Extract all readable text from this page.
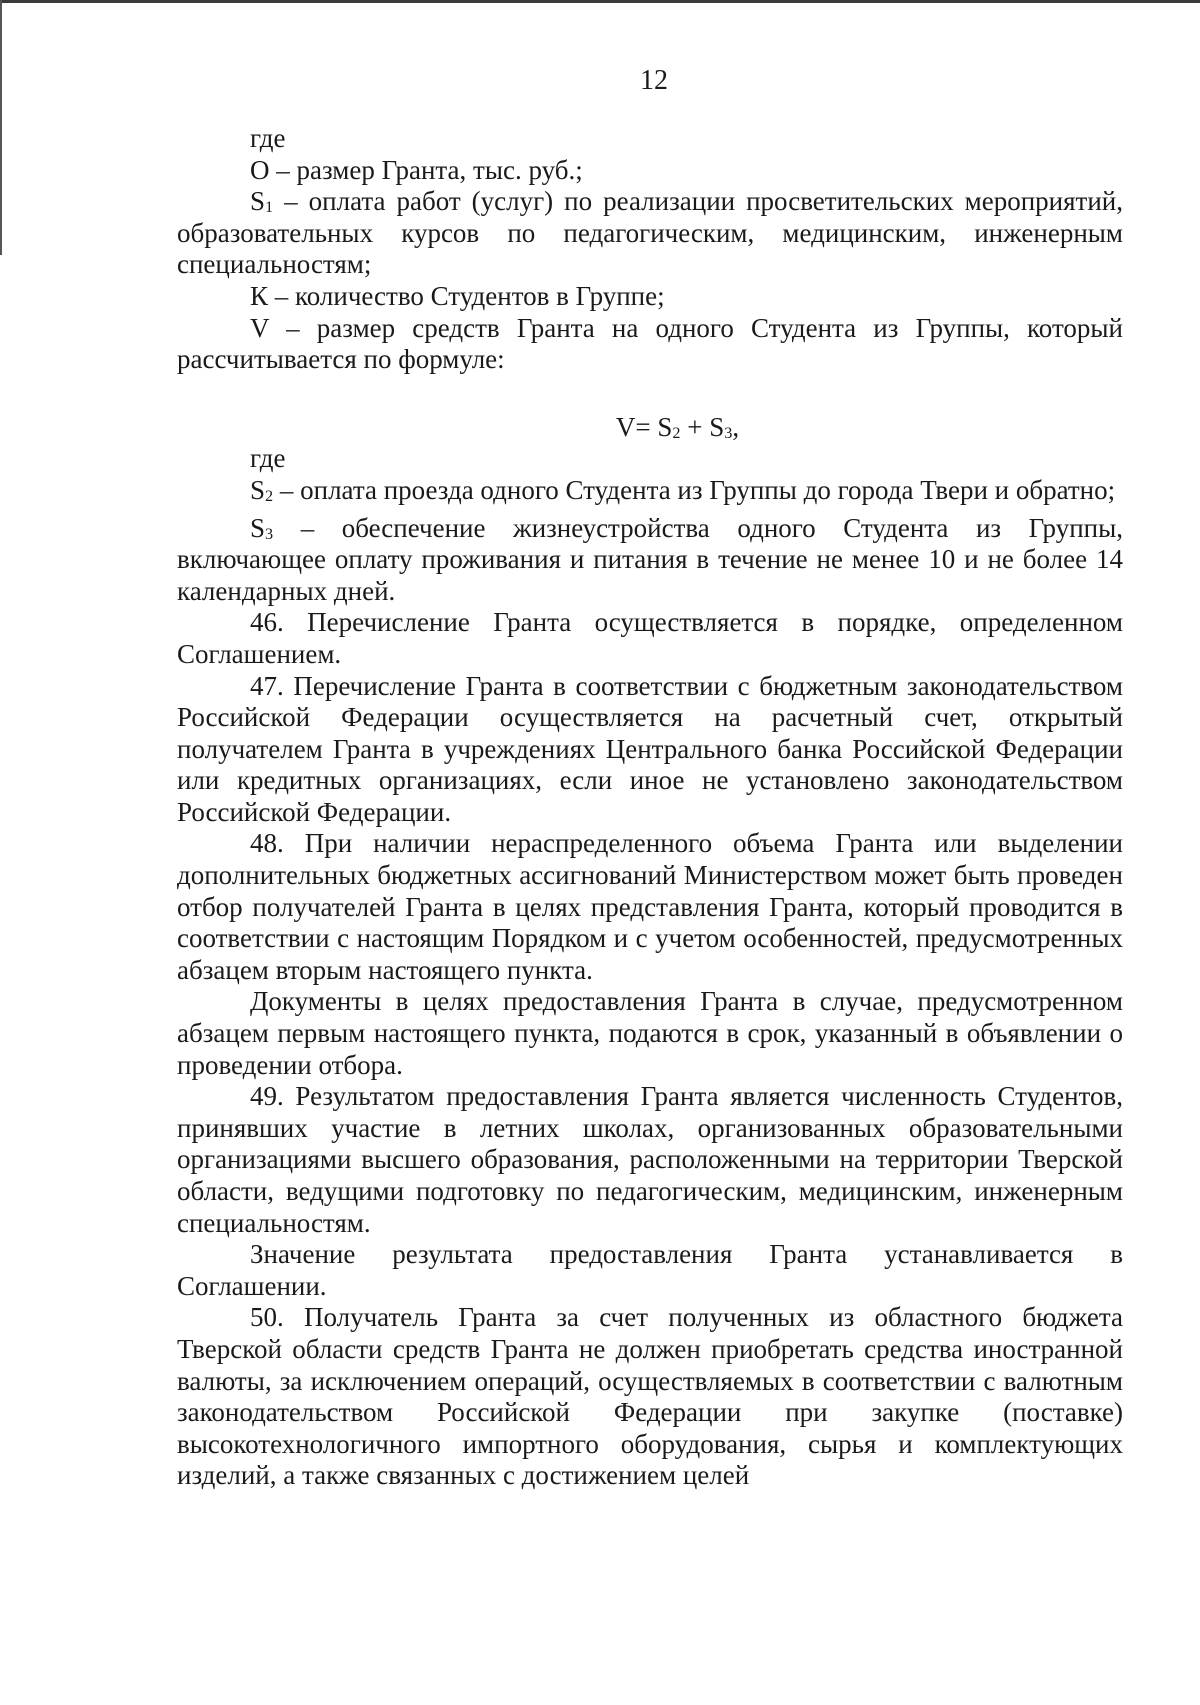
12

где

О – размер Гранта, тыс. руб.;

$S_1$ – оплата работ (услуг) по реализации просветительских мероприятий, образовательных курсов по педагогическим, медицинским, инженерным специальностям;

К – количество Студентов в Группе;

V – размер средств Гранта на одного Студента из Группы, который рассчитывается по формуле:

$V= S_2 + S_3$,

где

$S_2$ – оплата проезда одного Студента из Группы до города Твери и обратно;

$S_3$ – обеспечение жизнеустройства одного Студента из Группы, включающее оплату проживания и питания в течение не менее 10 и не более 14 календарных дней.

46. Перечисление Гранта осуществляется в порядке, определенном Соглашением.

47. Перечисление Гранта в соответствии с бюджетным законодательством Российской Федерации осуществляется на расчетный счет, открытый получателем Гранта в учреждениях Центрального банка Российской Федерации или кредитных организациях, если иное не установлено законодательством Российской Федерации.

48. При наличии нераспределенного объема Гранта или выделении дополнительных бюджетных ассигнований Министерством может быть проведен отбор получателей Гранта в целях представления Гранта, который проводится в соответствии с настоящим Порядком и с учетом особенностей, предусмотренных абзацем вторым настоящего пункта.

Документы в целях предоставления Гранта в случае, предусмотренном абзацем первым настоящего пункта, подаются в срок, указанный в объявлении о проведении отбора.

49. Результатом предоставления Гранта является численность Студентов, принявших участие в летних школах, организованных образовательными организациями высшего образования, расположенными на территории Тверской области, ведущими подготовку по педагогическим, медицинским, инженерным специальностям.

Значение результата предоставления Гранта устанавливается в Соглашении.

50. Получатель Гранта за счет полученных из областного бюджета Тверской области средств Гранта не должен приобретать средства иностранной валюты, за исключением операций, осуществляемых в соответствии с валютным законодательством Российской Федерации при закупке (поставке) высокотехнологичного импортного оборудования, сырья и комплектующих изделий, а также связанных с достижением целей
